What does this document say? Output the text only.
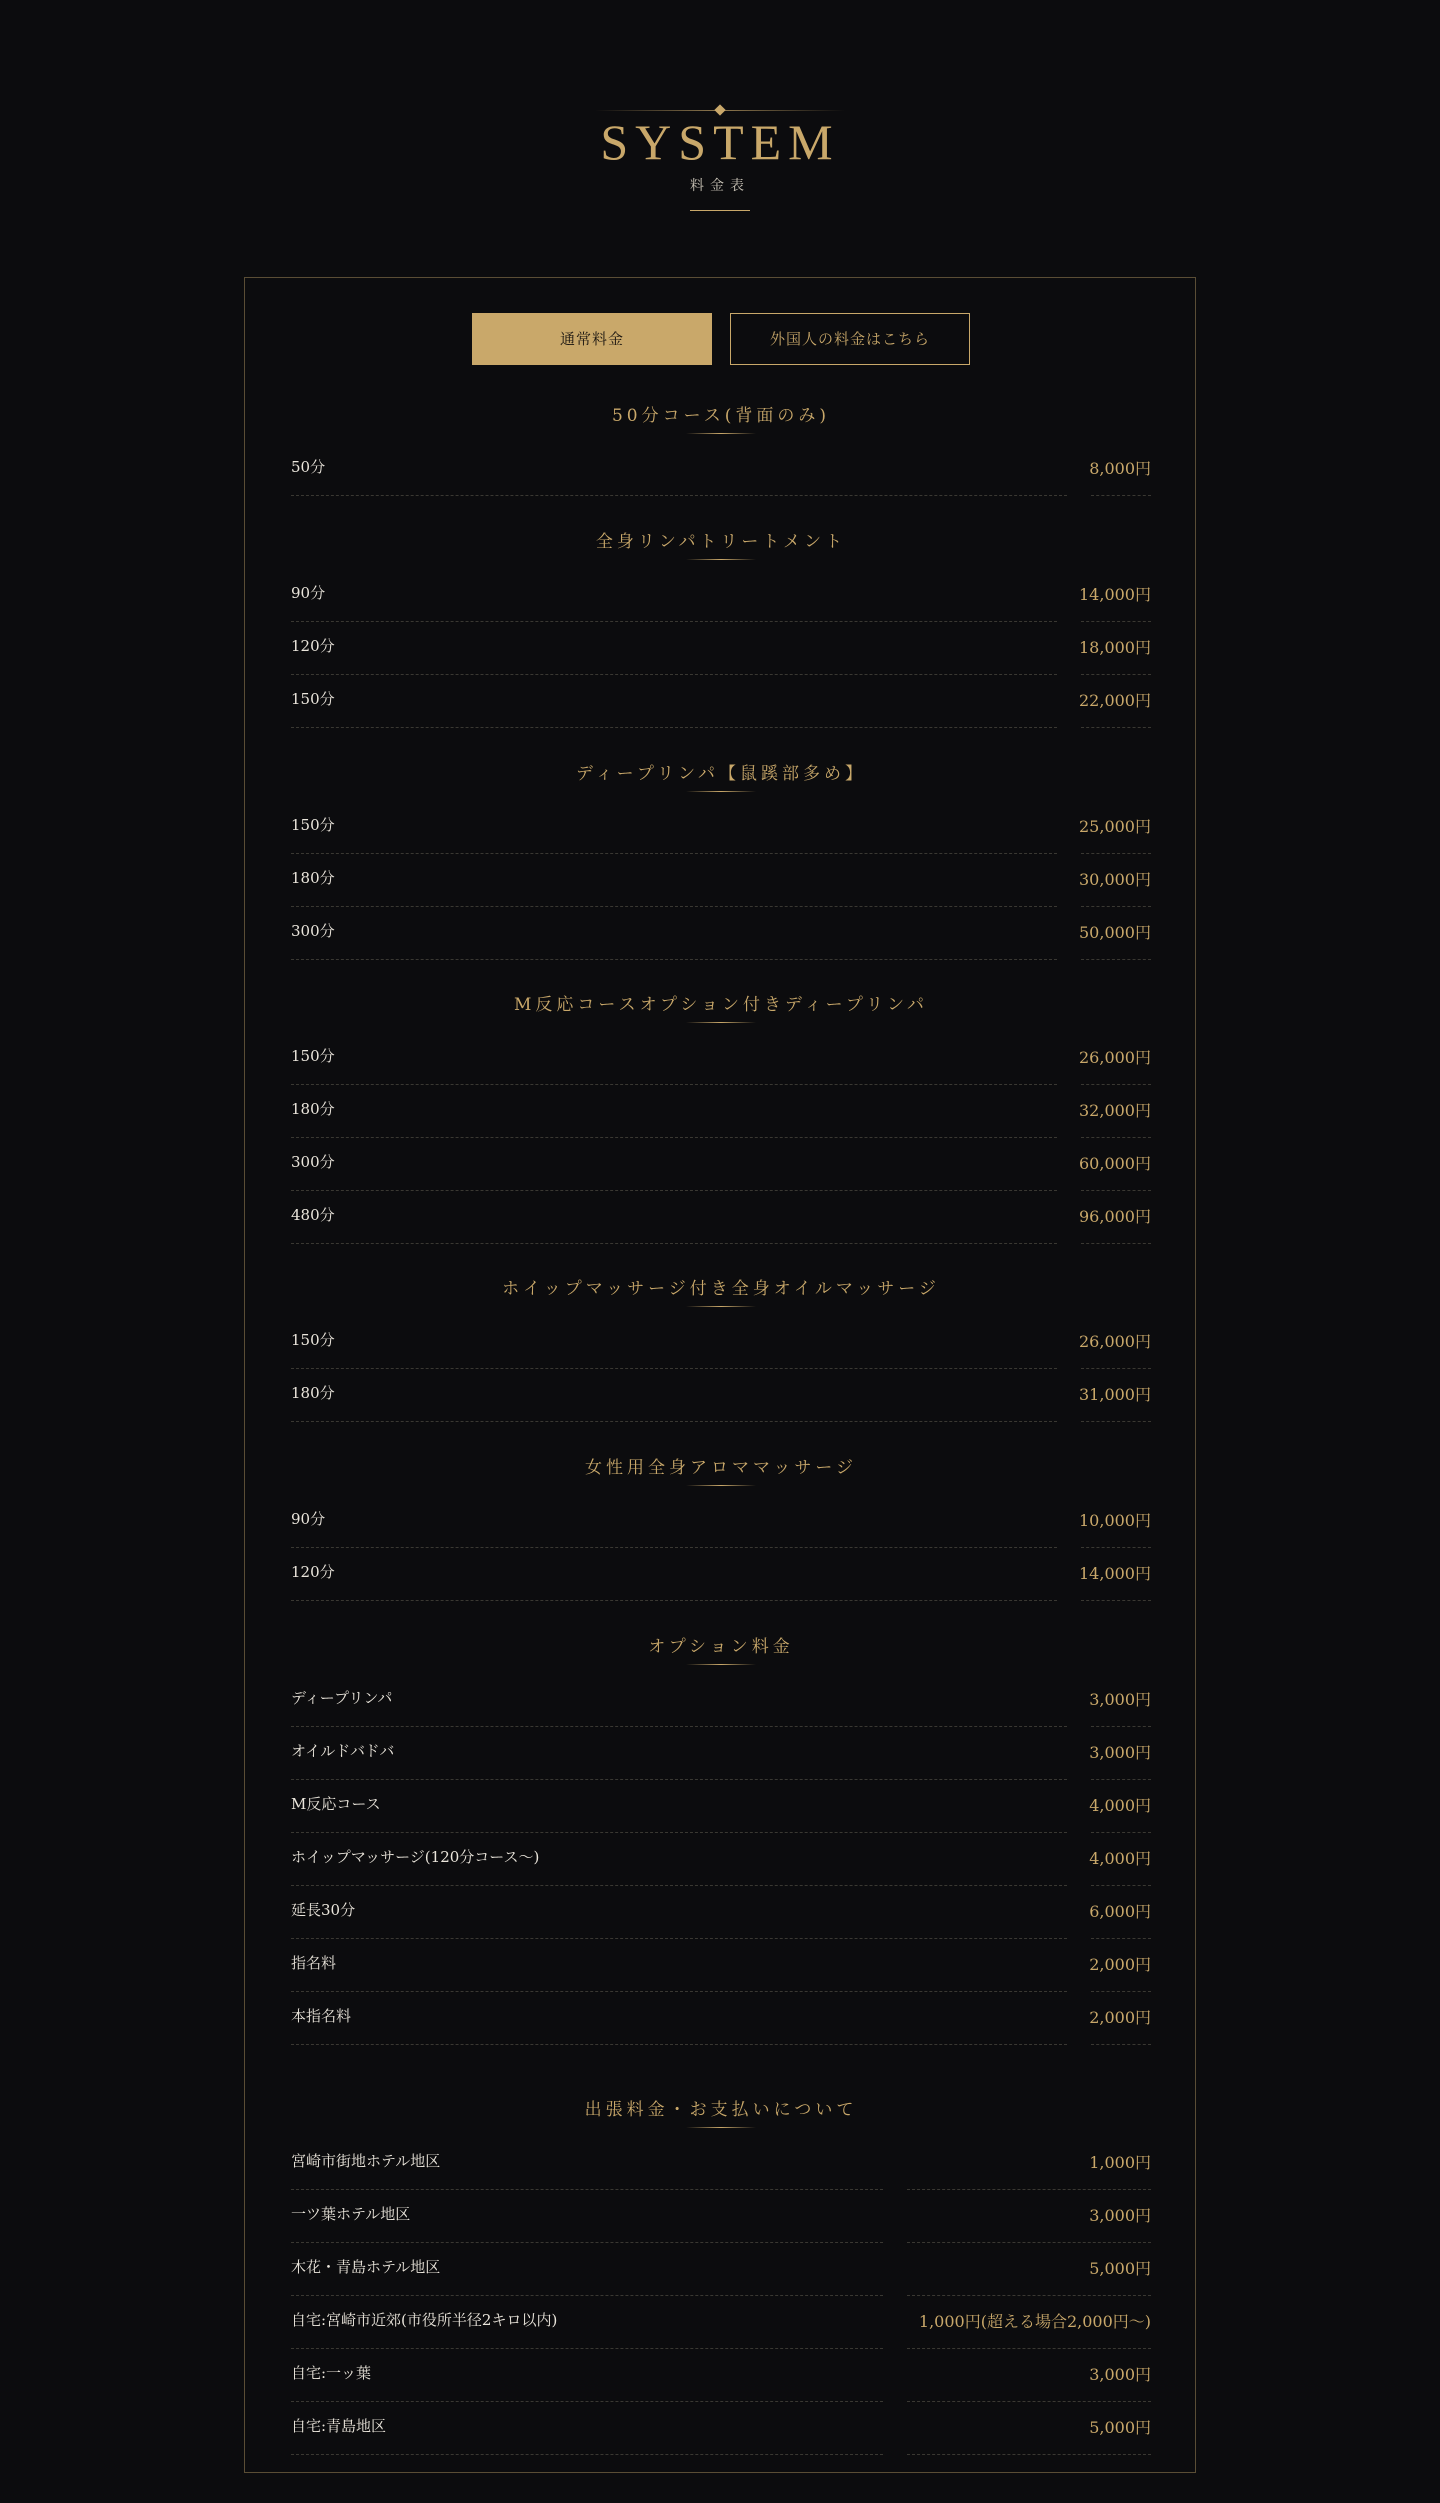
SYSTEM
料金表
通常料金	外国人の料金はこちら
50分コース(背面のみ)
50分	8,000円
全身リンパトリートメント
90分	14,000円
120分	18,000円
150分	22,000円
ディープリンパ【鼠蹊部多め】
150分	25,000円
180分	30,000円
300分	50,000円
M反応コースオプション付きディープリンパ
150分	26,000円
180分	32,000円
300分	60,000円
480分	96,000円
ホイップマッサージ付き全身オイルマッサージ
150分	26,000円
180分	31,000円
女性用全身アロママッサージ
90分	10,000円
120分	14,000円
オプション料金
ディープリンパ	3,000円
オイルドバドバ	3,000円
M反応コース	4,000円
ホイップマッサージ(120分コース〜)	4,000円
延長30分	6,000円
指名料	2,000円
本指名料	2,000円
出張料金・お支払いについて
宮崎市街地ホテル地区	1,000円
一ツ葉ホテル地区	3,000円
木花・青島ホテル地区	5,000円
自宅:宮崎市近郊(市役所半径2キロ以内)	1,000円(超える場合2,000円〜)
自宅:一ッ葉	3,000円
自宅:青島地区	5,000円
